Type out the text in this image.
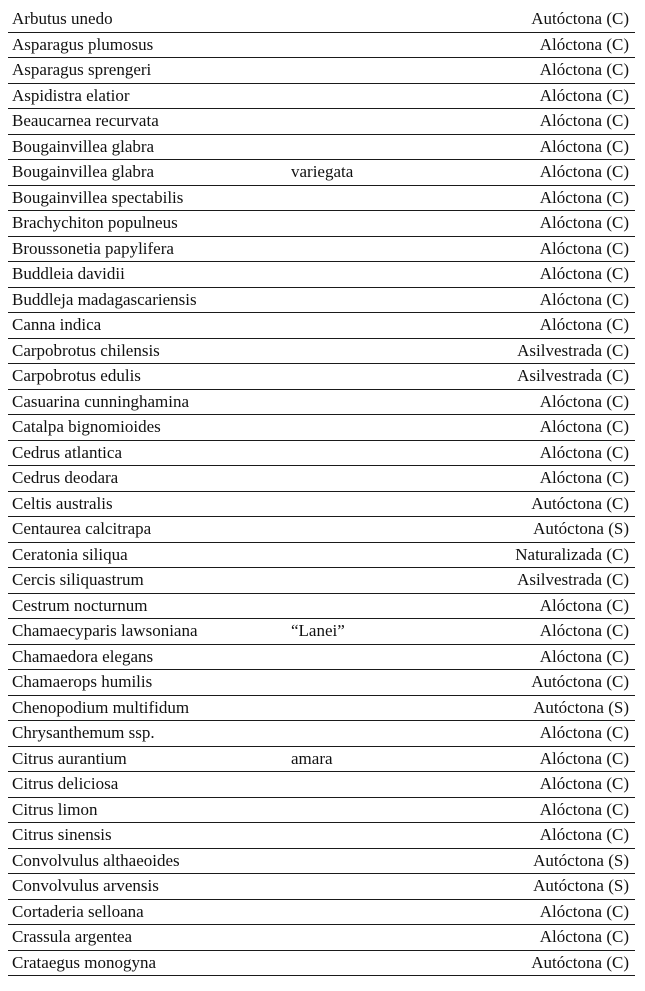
Arbutus unedo	Autóctona (C)
Asparagus plumosus	Alóctona (C)
Asparagus sprengeri	Alóctona (C)
Aspidistra elatior	Alóctona (C)
Beaucarnea recurvata	Alóctona (C)
Bougainvillea glabra	Alóctona (C)
Bougainvillea glabra	variegata	Alóctona (C)
Bougainvillea spectabilis	Alóctona (C)
Brachychiton populneus	Alóctona (C)
Broussonetia papylifera	Alóctona (C)
Buddleia davidii	Alóctona (C)
Buddleja madagascariensis	Alóctona (C)
Canna indica	Alóctona (C)
Carpobrotus chilensis	Asilvestrada (C)
Carpobrotus edulis	Asilvestrada (C)
Casuarina cunninghamina	Alóctona (C)
Catalpa bignomioides	Alóctona (C)
Cedrus atlantica	Alóctona (C)
Cedrus deodara	Alóctona (C)
Celtis australis	Autóctona (C)
Centaurea calcitrapa	Autóctona (S)
Ceratonia siliqua	Naturalizada (C)
Cercis siliquastrum	Asilvestrada (C)
Cestrum nocturnum	Alóctona (C)
Chamaecyparis lawsoniana	“Lanei”	Alóctona (C)
Chamaedora elegans	Alóctona (C)
Chamaerops humilis	Autóctona (C)
Chenopodium multifidum	Autóctona (S)
Chrysanthemum ssp.	Alóctona (C)
Citrus aurantium	amara	Alóctona (C)
Citrus deliciosa	Alóctona (C)
Citrus limon	Alóctona (C)
Citrus sinensis	Alóctona (C)
Convolvulus althaeoides	Autóctona (S)
Convolvulus arvensis	Autóctona (S)
Cortaderia selloana	Alóctona (C)
Crassula argentea	Alóctona (C)
Crataegus monogyna	Autóctona (C)
